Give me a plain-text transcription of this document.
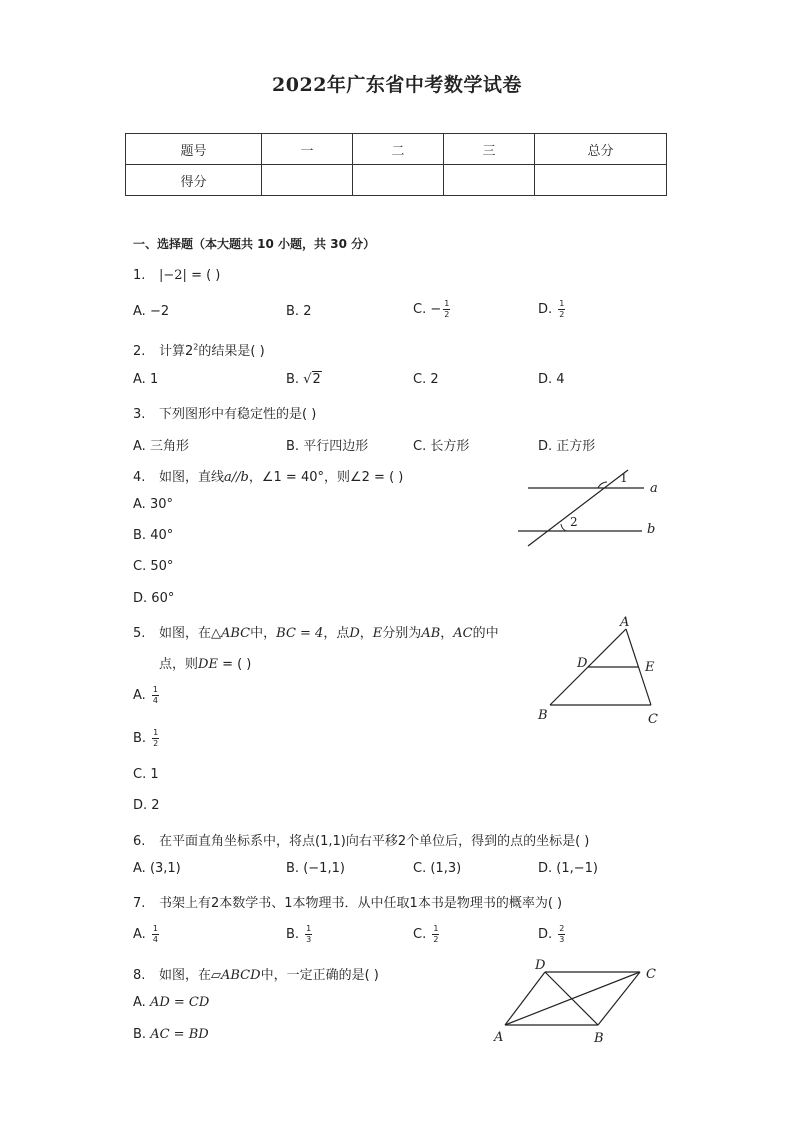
2022年广东省中考数学试卷
题号	一	二	三	总分
得分				
一、选择题（本大题共 10 小题，共 30 分）
1. |−2| = ( )
A. −2	B. 2	C. − $\frac{1}{2}$	D. $\frac{1}{2}$
2. 计算$2^2$的结果是( )
A. 1	B. √2	C. 2	D. 4
3. 下列图形中有稳定性的是( )
A. 三角形	B. 平行四边形	C. 长方形	D. 正方形
4. 如图，直线a//b，∠1 = 40°，则∠2 = ( )
A. 30°
B. 40°
C. 50°
D. 60°
1
2
a
b
5. 如图，在△ABC中，BC = 4，点D，E分别为AB，AC的中
点，则DE = ( )
A. $\frac{1}{4}$
B. $\frac{1}{2}$
C. 1
D. 2
A
B	C
D	E
6. 在平面直角坐标系中，将点(1,1)向右平移2个单位后，得到的点的坐标是( )
A. (3,1)	B. (−1,1)	C. (1,3)	D. (1,−1)
7. 书架上有2本数学书、1本物理书．从中任取1本书是物理书的概率为( )
A. $\frac{1}{4}$	B. $\frac{1}{3}$	C. $\frac{1}{2}$	D. $\frac{2}{3}$
8. 如图，在▱ABCD中，一定正确的是( )
A. AD = CD
B. AC = BD	A	B
C
D
